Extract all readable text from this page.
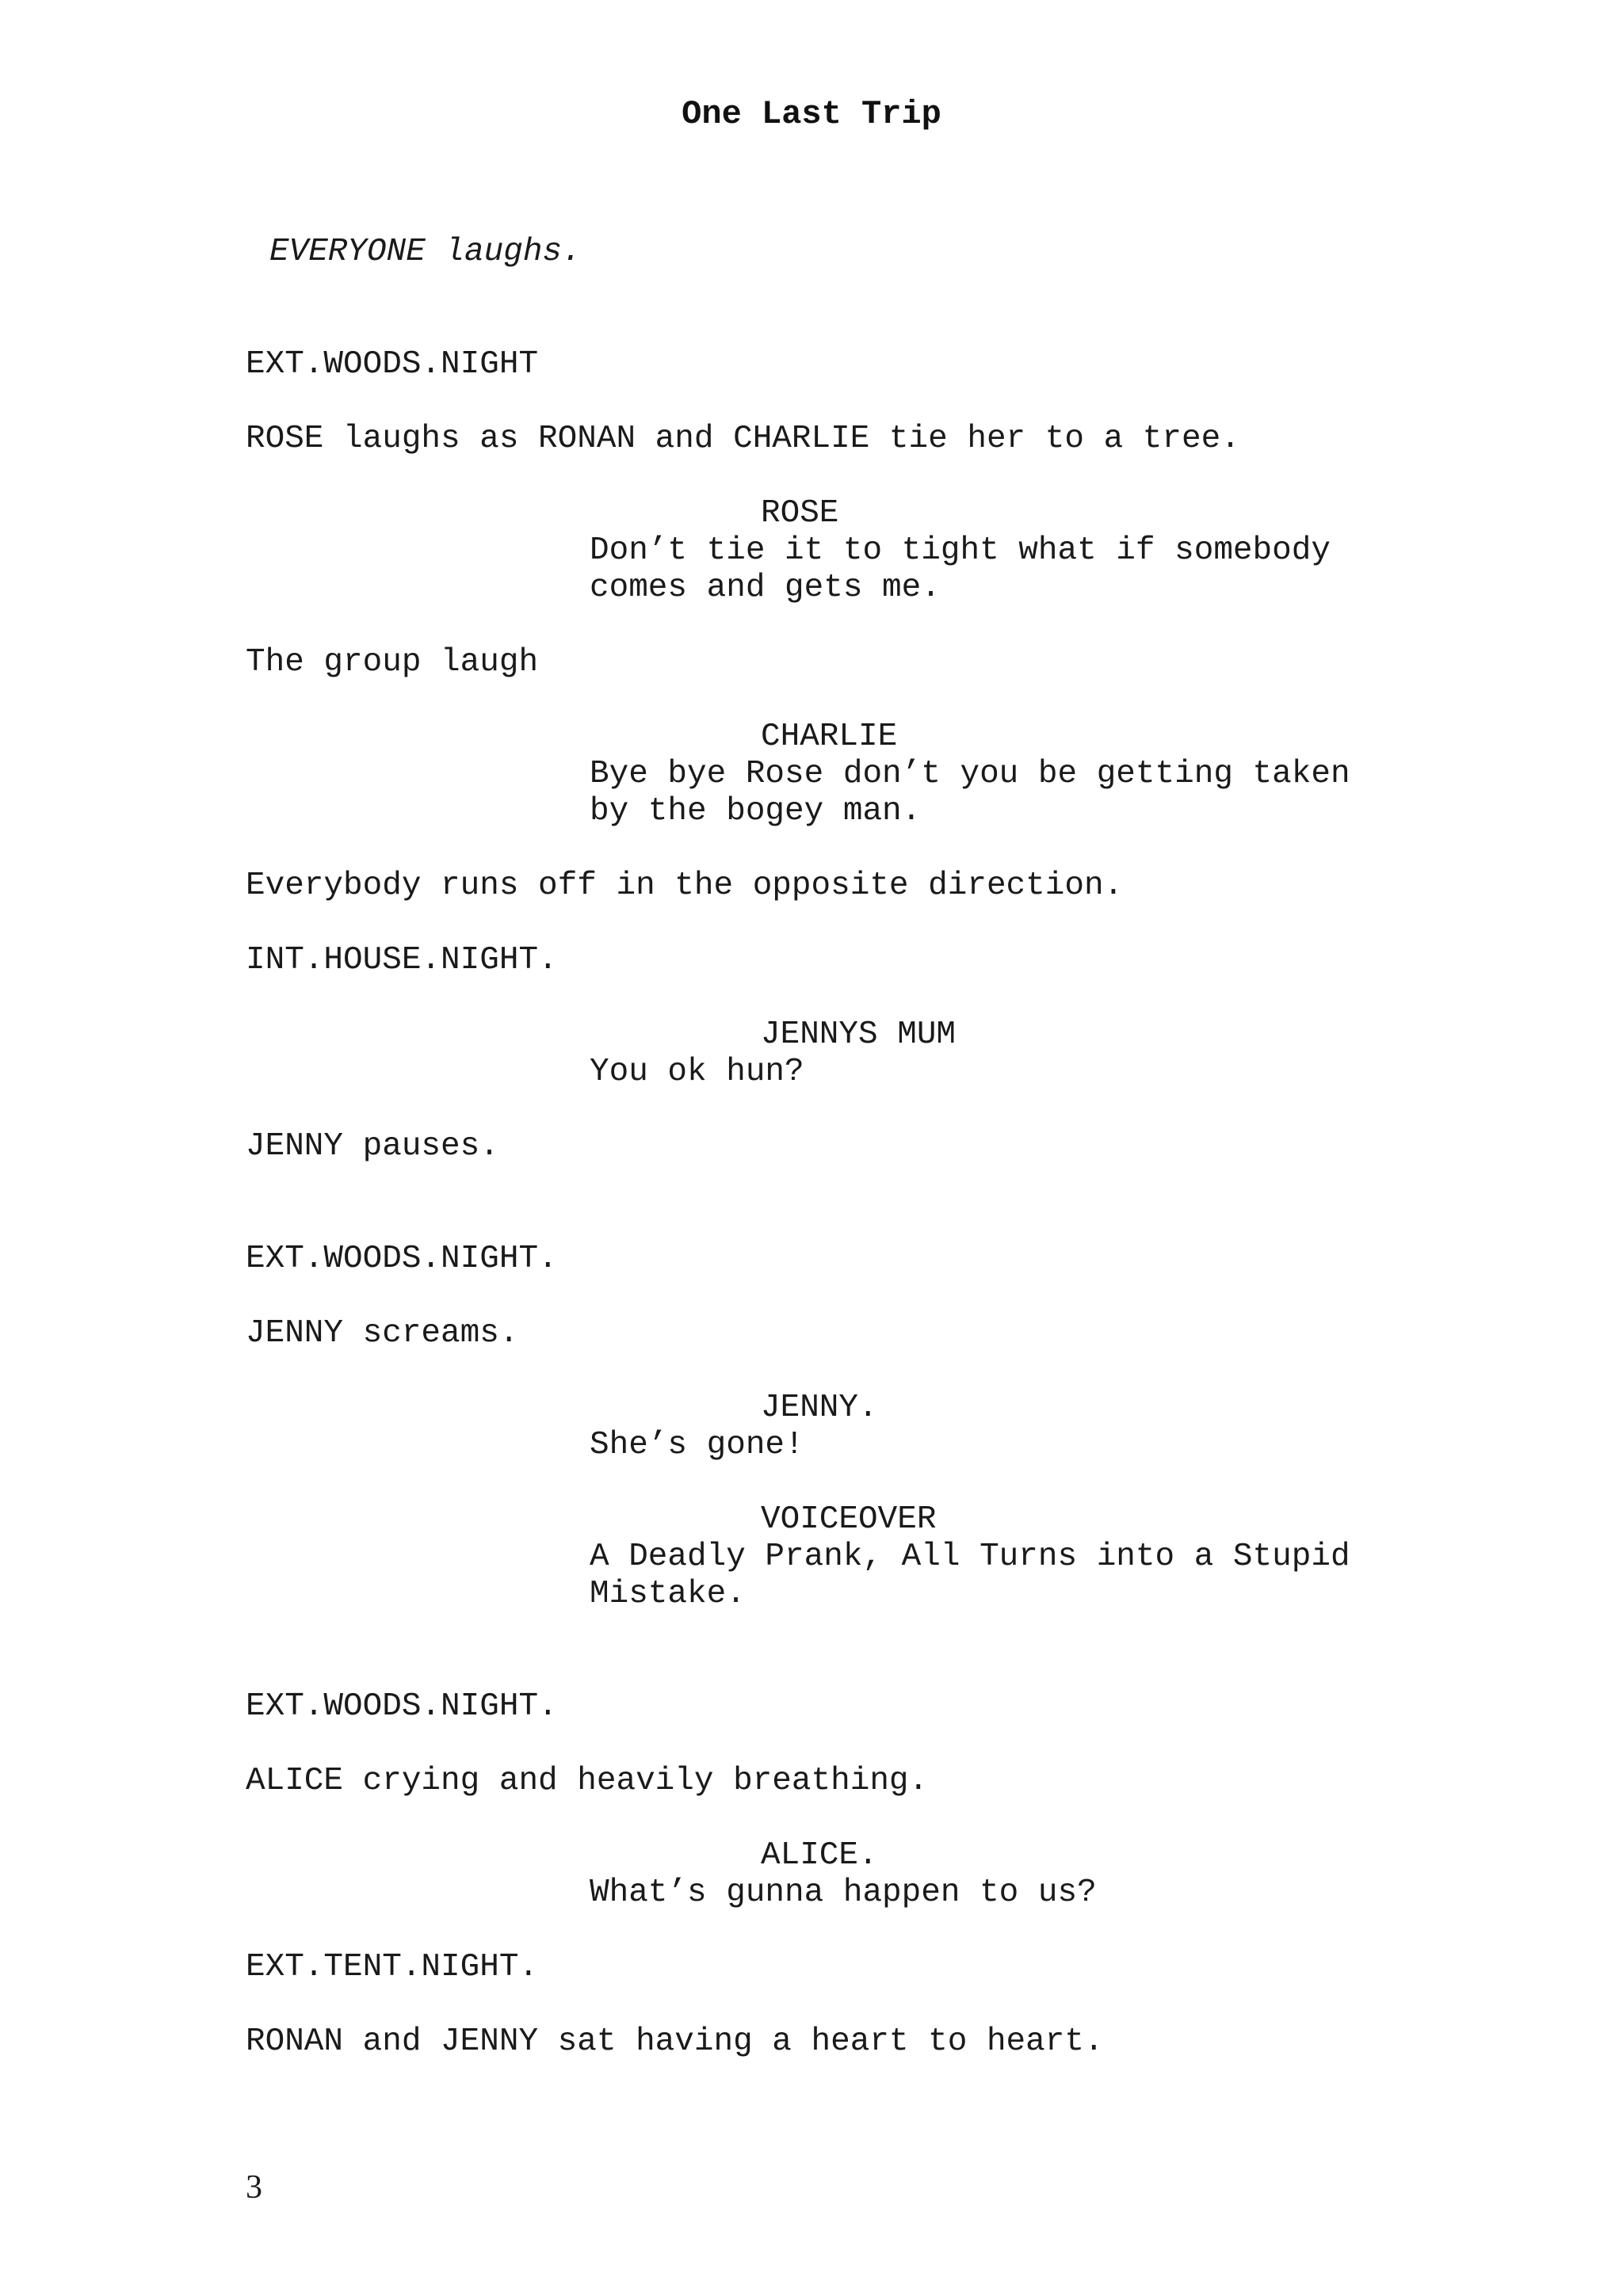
One Last Trip

EVERYONE laughs.

EXT.WOODS.NIGHT

ROSE laughs as RONAN and CHARLIE tie her to a tree.

ROSE

Don’t tie it to tight what if somebody

comes and gets me.

The group laugh

CHARLIE

Bye bye Rose don’t you be getting taken

by the bogey man.

Everybody runs off in the opposite direction.

INT.HOUSE.NIGHT.

JENNYS MUM

You ok hun?

JENNY pauses.

EXT.WOODS.NIGHT.

JENNY screams.

JENNY.

She’s gone!

VOICEOVER

A Deadly Prank, All Turns into a Stupid

Mistake.

EXT.WOODS.NIGHT.

ALICE crying and heavily breathing.

ALICE.

What’s gunna happen to us?

EXT.TENT.NIGHT.

RONAN and JENNY sat having a heart to heart.

3
